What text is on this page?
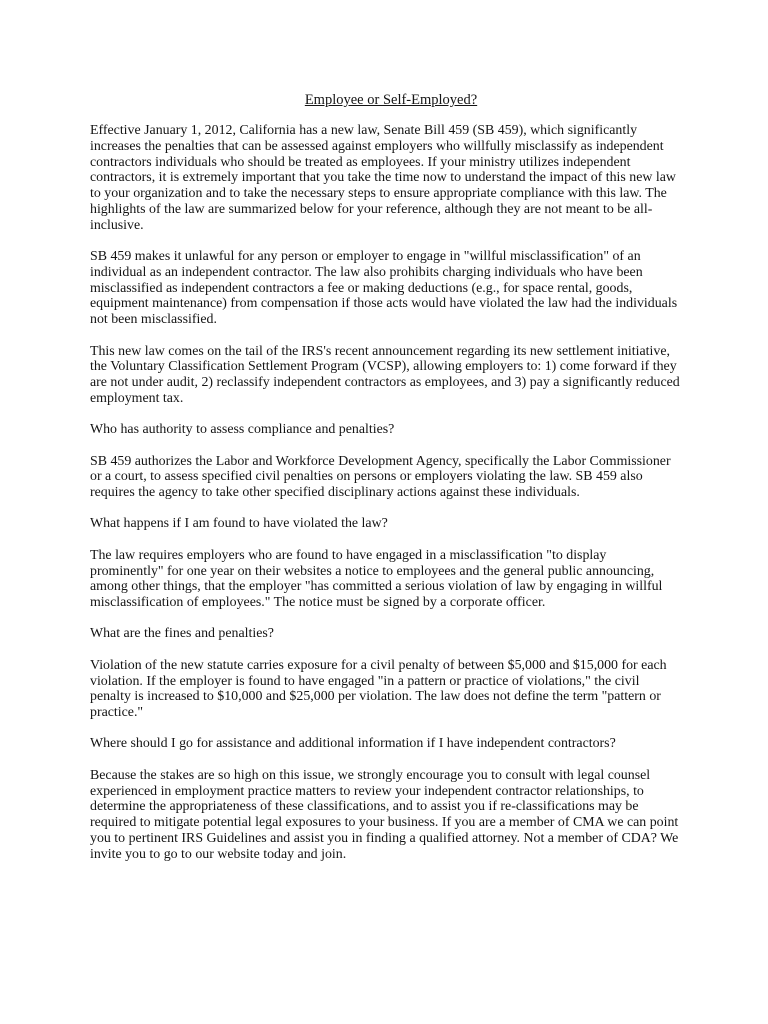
Employee or Self-Employed?
Effective January 1, 2012, California has a new law, Senate Bill 459 (SB 459), which significantly
increases the penalties that can be assessed against employers who willfully misclassify as independent
contractors individuals who should be treated as employees. If your ministry utilizes independent
contractors, it is extremely important that you take the time now to understand the impact of this new law
to your organization and to take the necessary steps to ensure appropriate compliance with this law. The
highlights of the law are summarized below for your reference, although they are not meant to be all-
inclusive.
SB 459 makes it unlawful for any person or employer to engage in "willful misclassification" of an
individual as an independent contractor. The law also prohibits charging individuals who have been
misclassified as independent contractors a fee or making deductions (e.g., for space rental, goods,
equipment maintenance) from compensation if those acts would have violated the law had the individuals
not been misclassified.
This new law comes on the tail of the IRS's recent announcement regarding its new settlement initiative,
the Voluntary Classification Settlement Program (VCSP), allowing employers to: 1) come forward if they
are not under audit, 2) reclassify independent contractors as employees, and 3) pay a significantly reduced
employment tax.
Who has authority to assess compliance and penalties?
SB 459 authorizes the Labor and Workforce Development Agency, specifically the Labor Commissioner
or a court, to assess specified civil penalties on persons or employers violating the law. SB 459 also
requires the agency to take other specified disciplinary actions against these individuals.
What happens if I am found to have violated the law?
The law requires employers who are found to have engaged in a misclassification "to display
prominently" for one year on their websites a notice to employees and the general public announcing,
among other things, that the employer "has committed a serious violation of law by engaging in willful
misclassification of employees." The notice must be signed by a corporate officer.
What are the fines and penalties?
Violation of the new statute carries exposure for a civil penalty of between $5,000 and $15,000 for each
violation. If the employer is found to have engaged "in a pattern or practice of violations," the civil
penalty is increased to $10,000 and $25,000 per violation. The law does not define the term "pattern or
practice."
Where should I go for assistance and additional information if I have independent contractors?
Because the stakes are so high on this issue, we strongly encourage you to consult with legal counsel
experienced in employment practice matters to review your independent contractor relationships, to
determine the appropriateness of these classifications, and to assist you if re-classifications may be
required to mitigate potential legal exposures to your business. If you are a member of CMA we can point
you to pertinent IRS Guidelines and assist you in finding a qualified attorney. Not a member of CDA? We
invite you to go to our website today and join.
